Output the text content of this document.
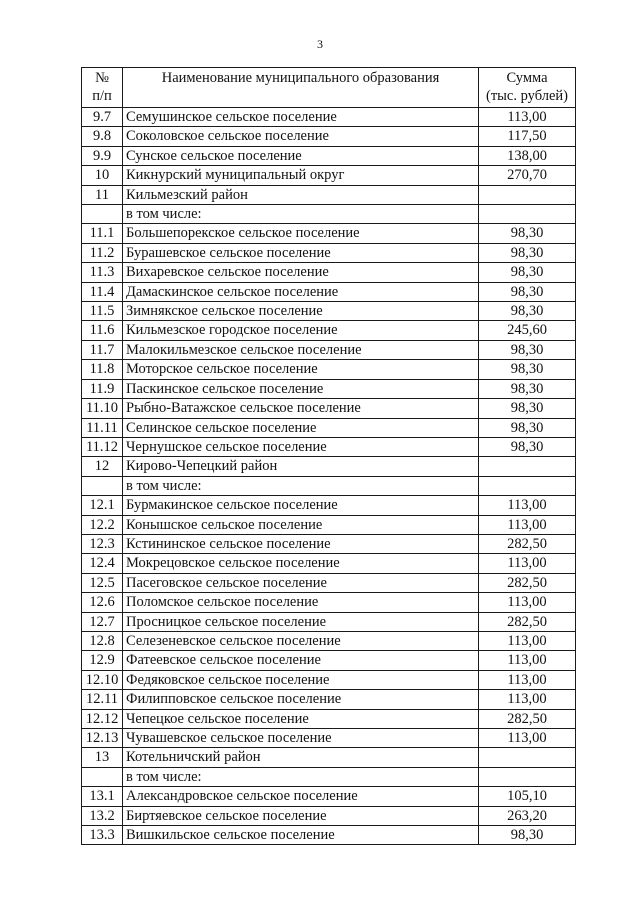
3
№
п/п	Наименование муниципального образования	Сумма
(тыс. рублей)

9.7	Семушинское сельское поселение	113,00
9.8	Соколовское сельское поселение	117,50
9.9	Сунское сельское поселение	138,00
10	Кикнурский муниципальный округ	270,70
11	Кильмезский район	
	в том числе:	
11.1	Большепорекское сельское поселение	98,30
11.2	Бурашевское сельское поселение	98,30
11.3	Вихаревское сельское поселение	98,30
11.4	Дамаскинское сельское поселение	98,30
11.5	Зимнякское сельское поселение	98,30
11.6	Кильмезское городское поселение	245,60
11.7	Малокильмезское сельское поселение	98,30
11.8	Моторское сельское поселение	98,30
11.9	Паскинское сельское поселение	98,30
11.10	Рыбно-Ватажское сельское поселение	98,30
11.11	Селинское сельское поселение	98,30
11.12	Чернушское сельское поселение	98,30
12	Кирово-Чепецкий район	
	в том числе:	
12.1	Бурмакинское сельское поселение	113,00
12.2	Конышское сельское поселение	113,00
12.3	Кстининское сельское поселение	282,50
12.4	Мокрецовское сельское поселение	113,00
12.5	Пасеговское сельское поселение	282,50
12.6	Поломское сельское поселение	113,00
12.7	Просницкое сельское поселение	282,50
12.8	Селезеневское сельское поселение	113,00
12.9	Фатеевское сельское поселение	113,00
12.10	Федяковское сельское поселение	113,00
12.11	Филипповское сельское поселение	113,00
12.12	Чепецкое сельское поселение	282,50
12.13	Чувашевское сельское поселение	113,00
13	Котельничский район	
	в том числе:	
13.1	Александровское сельское поселение	105,10
13.2	Биртяевское сельское поселение	263,20
13.3	Вишкильское сельское поселение	98,30
